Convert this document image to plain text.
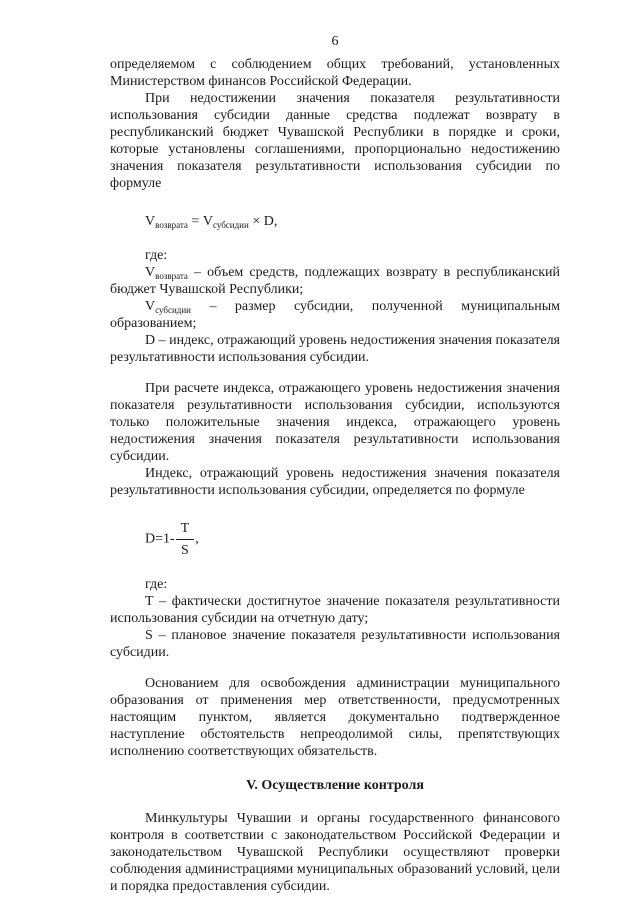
6

определяемом с соблюдением общих требований, установленных Министерством финансов Российской Федерации.

При недостижении значения показателя результативности использования субсидии данные средства подлежат возврату в республиканский бюджет Чувашской Республики в порядке и сроки, которые установлены соглашениями, пропорционально недостижению значения показателя результативности использования субсидии по формуле

$V_{возврата} = V_{субсидии} \times D$,

где:

$V_{возврата}$ – объем средств, подлежащих возврату в республиканский бюджет Чувашской Республики;

$V_{субсидии}$ – размер субсидии, полученной муниципальным образованием;

D – индекс, отражающий уровень недостижения значения показателя результативности использования субсидии.

При расчете индекса, отражающего уровень недостижения значения показателя результативности использования субсидии, используются только положительные значения индекса, отражающего уровень недостижения значения показателя результативности использования субсидии.

Индекс, отражающий уровень недостижения значения показателя результативности использования субсидии, определяется по формуле

$D=1- \frac{T}{S}$ ,

где:

Т – фактически достигнутое значение показателя результативности использования субсидии на отчетную дату;

S – плановое значение показателя результативности использования субсидии.

Основанием для освобождения администрации муниципального образования от применения мер ответственности, предусмотренных настоящим пунктом, является документально подтвержденное наступление обстоятельств непреодолимой силы, препятствующих исполнению соответствующих обязательств.

V. Осуществление контроля

Минкультуры Чувашии и органы государственного финансового контроля в соответствии с законодательством Российской Федерации и законодательством Чувашской Республики осуществляют проверки соблюдения администрациями муниципальных образований условий, цели и порядка предоставления субсидии.
